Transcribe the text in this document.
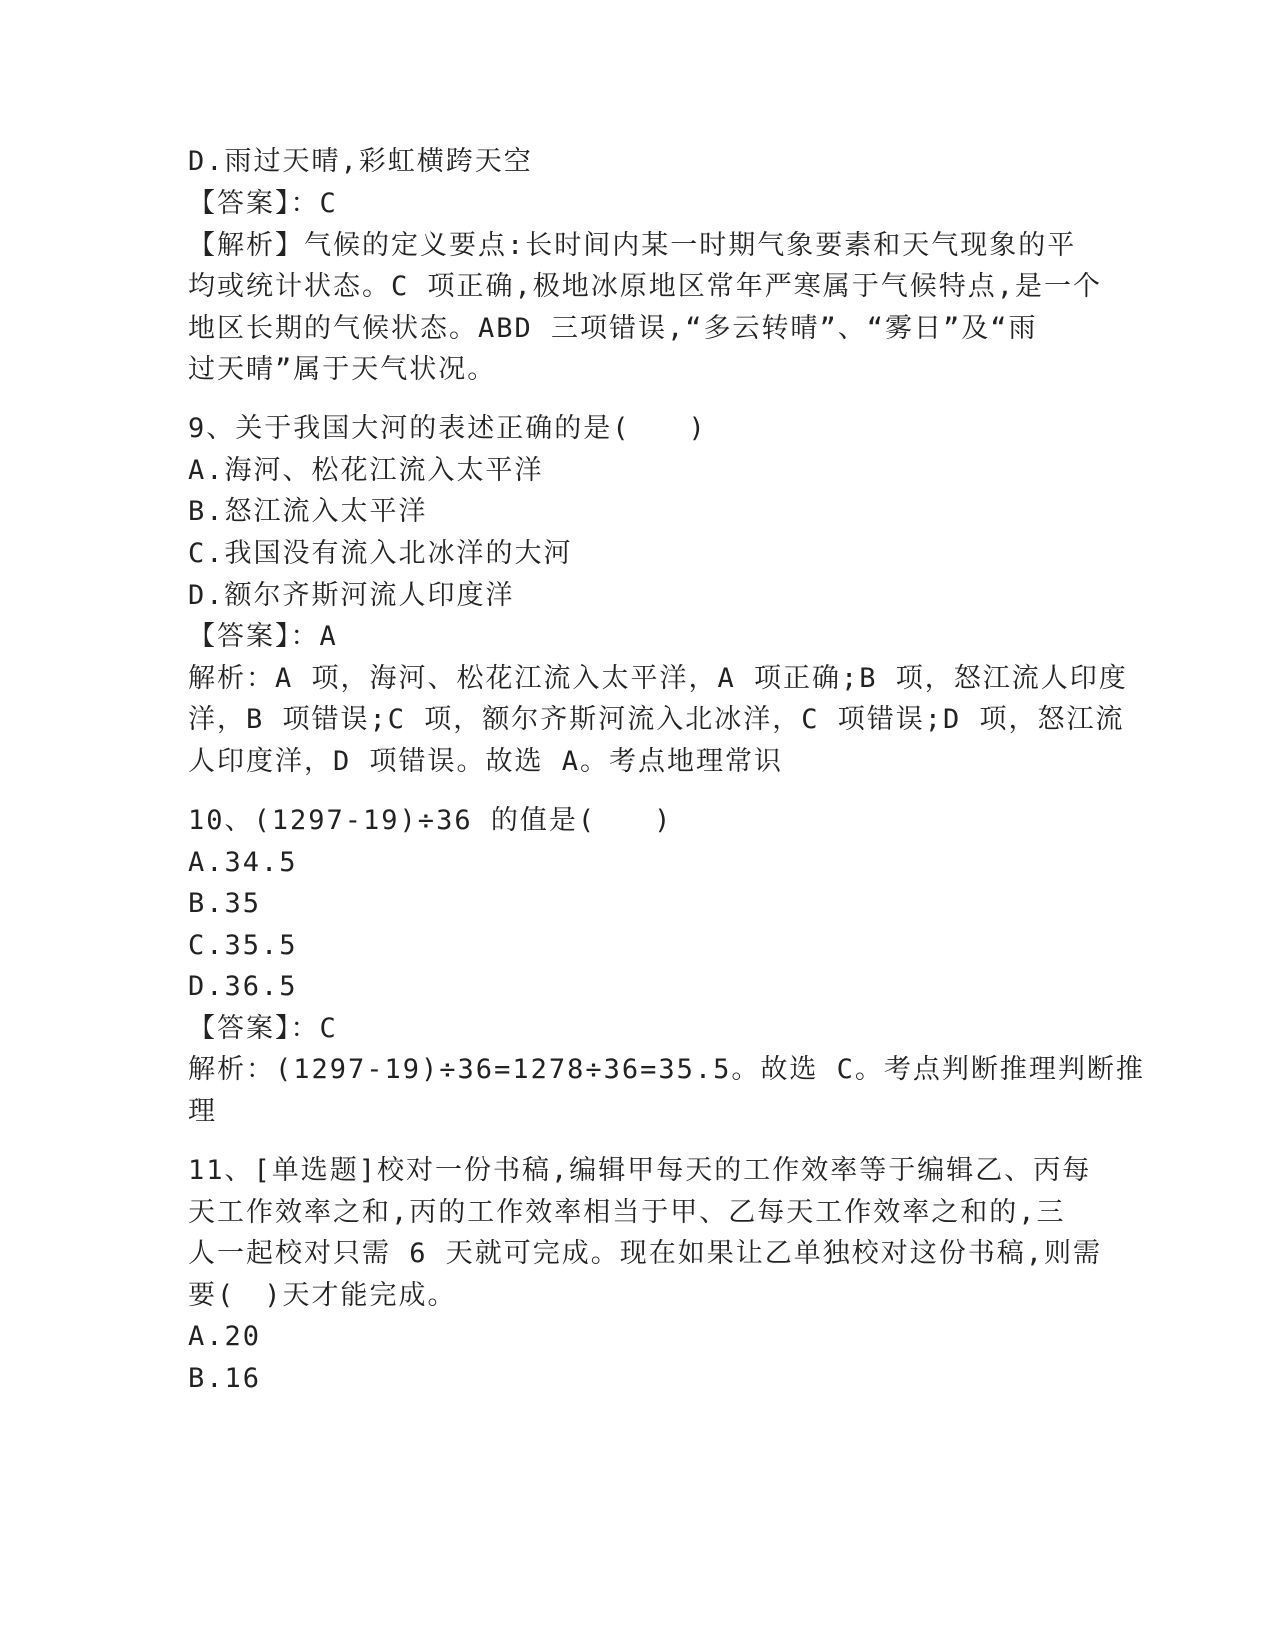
D.雨过天晴,彩虹横跨天空
【答案】：C
【解析】气候的定义要点:长时间内某一时期气象要素和天气现象的平
均或统计状态。C 项正确,极地冰原地区常年严寒属于气候特点,是一个
地区长期的气候状态。ABD 三项错误,“多云转晴”、“雾日”及“雨
过天晴”属于天气状况。
9、关于我国大河的表述正确的是(　　)
A.海河、松花江流入太平洋
B.怒江流入太平洋
C.我国没有流入北冰洋的大河
D.额尔齐斯河流人印度洋
【答案】：A
解析：A 项，海河、松花江流入太平洋，A 项正确;B 项，怒江流人印度
洋，B 项错误;C 项，额尔齐斯河流入北冰洋，C 项错误;D 项，怒江流
人印度洋，D 项错误。故选 A。考点地理常识
10、(1297-19)÷36 的值是(　　)
A.34.5
B.35
C.35.5
D.36.5
【答案】：C
解析：(1297-19)÷36=1278÷36=35.5。故选 C。考点判断推理判断推
理
11、[单选题]校对一份书稿,编辑甲每天的工作效率等于编辑乙、丙每
天工作效率之和,丙的工作效率相当于甲、乙每天工作效率之和的,三
人一起校对只需 6 天就可完成。现在如果让乙单独校对这份书稿,则需
要(　)天才能完成。
A.20
B.16
